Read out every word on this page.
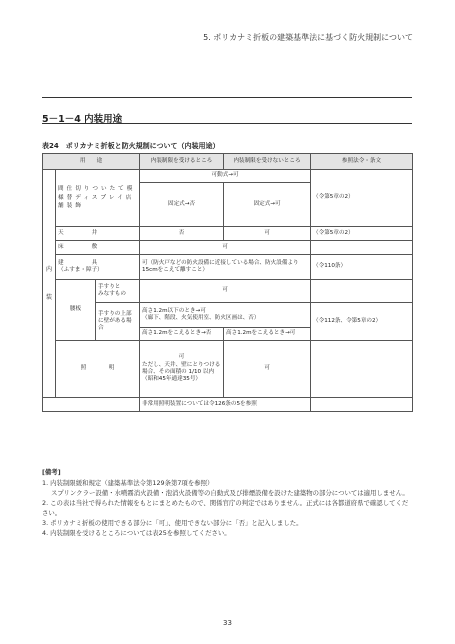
5. ポリカナミ折板の建築基準法に基づく防火規制について
5－1－4 内装用途
表24　ポリカナミ折板と防火規制について（内装用途）
用　　途			内装制限を受けるところ	内装制限を受けないところ	参照法令・条文

内
装	間仕切りついたて模様替ディスプレイ店舗装飾		可動式→可		（令第5章の2）
			固定式→否	固定式→可	
	天　　　　　井		否	可	（令第5章の2）
	床　　　　　敷		可		

	建　　　　　具
（ふすま・障子）		可（防火戸などの防火設備に近接している場合、防火設備より15cmをこえて離すこと）		（令110条）
	腰板	手すりと
みなすもの	可		
		手すりの上部に壁がある場合	高さ1.2m以下のとき→可
（廊下、階段、火気使用室、防火区画は、否）		（令112条、令第5章の2）
			高さ1.2mをこえるとき→否	高さ1.2mをこえるとき→可	
	照　　　　明		可
ただし、天井、壁にとりつける場合、その面積の 1/10 以内
（昭和45年通達35号）	可	
			非常用照明装置については令126条の5を参照		
[備考]

1. 内装制限緩和規定（建築基準法令第129条第7項を参照）

スプリンクラー設備・水噴霧消火設備・泡消火設備等の自動式及び排煙設備を設けた建築物の部分については適用しません。

2. この表は当社で得られた情報をもとにまとめたもので、関係官庁の判定ではありません。正式には各都道府県で確認してください。

3. ポリカナミ折板の使用できる部分に「可」、使用できない部分に「否」と記入しました。

4. 内装制限を受けるところについては表25を参照してください。

33
